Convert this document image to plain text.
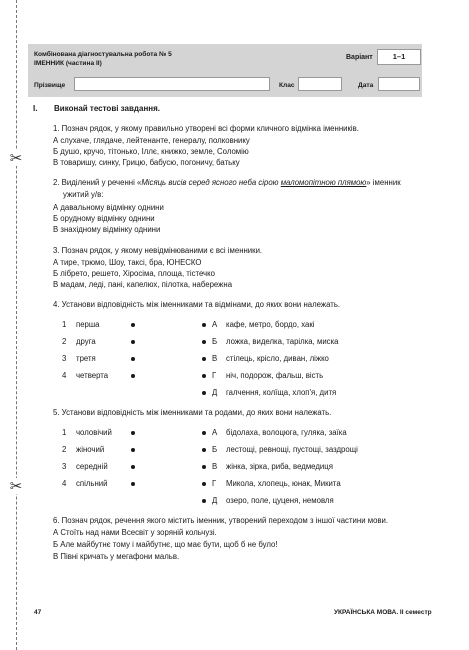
✂
✂
Комбінована діагностувальна робота № 5
ІМЕННИК (частина ІІ)
Варіант	1–1
Прізвище	Клас	Дата
I. Виконай тестові завдання.
1. Познач рядок, у якому правильно утворені всі форми кличного відмінка іменників.
А слухаче, глядаче, лейтенанте, генералу, полковнику
Б душо, кручо, тітонько, Іллє, книжко, земле, Соломію
В товаришу, синку, Грицю, бабусю, погоничу, батьку
2. Виділений у реченні «Місяць висів серед ясного неба сірою маломопітною плямою» іменник
ужитий у/в:
А давальному відмінку однини
Б орудному відмінку однини
В знахідному відмінку однини
3. Познач рядок, у якому невідмінюваними є всі іменники.
А тире, трюмо, Шоу, таксі, бра, ЮНЕСКО
Б лібрето, решето, Хіросіма, площа, тістечко
В мадам, леді, пані, капелюх, пілотка, набережна
4. Установи відповідність між іменниками та відмінами, до яких вони належать.
1 перша
2 друга
3 третя
4 четверта
А кафе, метро, бордо, хакі
Б ложка, виделка, тарілка, миска
В стілець, крісло, диван, ліжко
Г ніч, подорож, фальш, вість
Д галчення, колїща, хлоп'я, дитя
5. Установи відповідність між іменниками та родами, до яких вони належать.
1 чоловічий
2 жіночий
3 середній
4 спільний
А бідолаха, волоцюга, гуляка, заїка
Б лестощі, ревнощі, пустощі, заздрощі
В жінка, зірка, риба, ведмедиця
Г Микола, хлопець, юнак, Микита
Д озеро, поле, цуценя, немовля
6. Познач рядок, речення якого містить іменник, утворений переходом з іншої частини мови.
А Стоїть над нами Всесвіт у зоряній кольчузі.
Б Але майбутнє тому і майбутнє, що має бути, щоб б не було!
В Півні кричать у мегафони мальв.
47	УКРАЇНСЬКА МОВА. ІІ семестр
